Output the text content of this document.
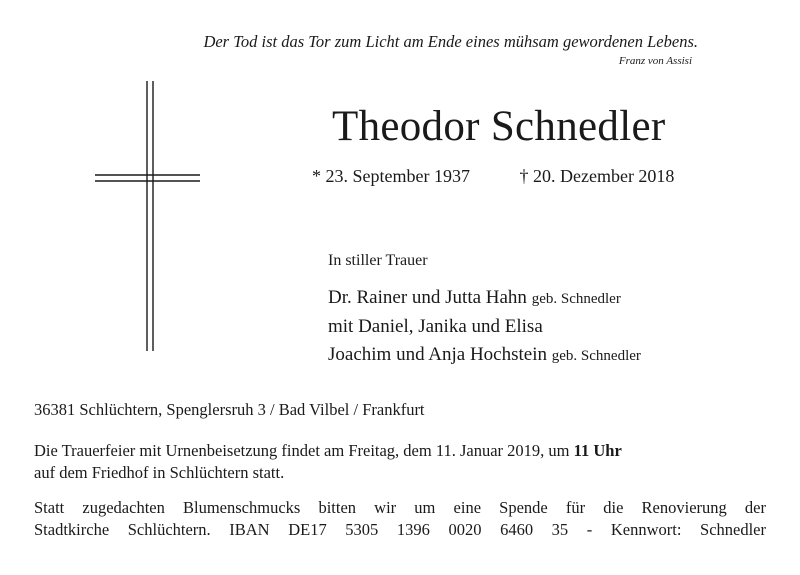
Der Tod ist das Tor zum Licht am Ende eines mühsam gewordenen Lebens.
Franz von Assisi
Theodor Schnedler
* 23. September 1937	† 20. Dezember 2018
In stiller Trauer
Dr. Rainer und Jutta Hahn geb. Schnedler
mit Daniel, Janika und Elisa
Joachim und Anja Hochstein geb. Schnedler
36381 Schlüchtern, Spenglersruh 3 / Bad Vilbel / Frankfurt
Die Trauerfeier mit Urnenbeisetzung findet am Freitag, dem 11. Januar 2019, um 11 Uhr
auf dem Friedhof in Schlüchtern statt.
Statt zugedachten Blumenschmucks bitten wir um eine Spende für die Renovierung der
Stadtkirche Schlüchtern. IBAN DE17 5305 1396 0020 6460 35 - Kennwort: Schnedler
